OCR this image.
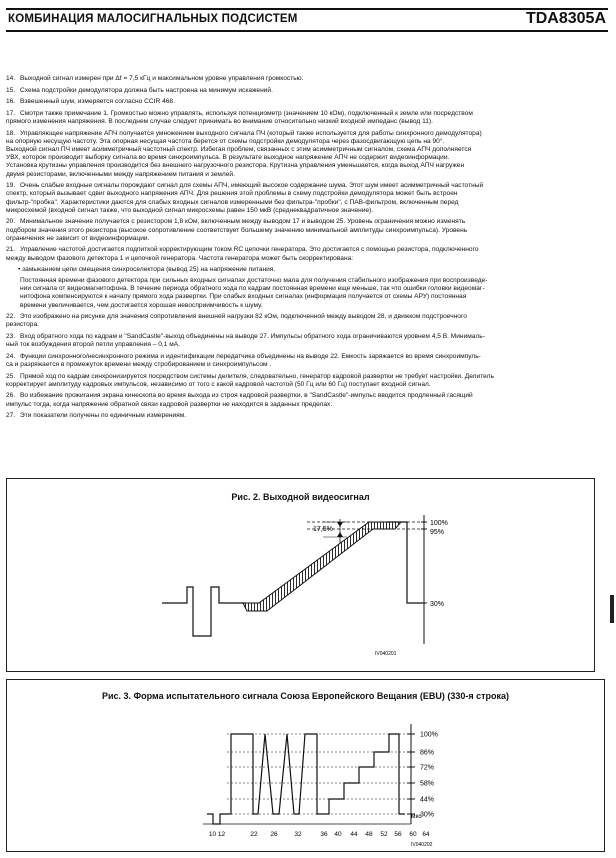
КОМБИНАЦИЯ МАЛОСИГНАЛЬНЫХ ПОДСИСТЕМ	TDA8305A
14. Выходной сигнал измерен при Δf = 7,5 кГц и максимальном уровне управления громкостью.
15. Схема подстройки демодулятора должна быть настроена на минимум искажений.
16. Взвешенный шум, измеряется согласно CCIR 468.
17. Смотри также примечание 1. Громкостью можно управлять, используя потенциометр (значением 10 кОм), подключенный к земле или посредством
прямого изменения напряжения. В последнем случае следует принимать во внимание относительно низкий входной импеданс (вывод 11).
18. Управляющее напряжение АПЧ получается умножением выходного сигнала ПЧ (который также используется для работы синхронного демодулятора)
на опорную несущую частоту. Эта опорная несущая частота берется от схемы подстройки демодулятора через фазосдвигающую цепь на 90°.
Выходной сигнал ПЧ имеет асимметричный частотный спектр. Избегая проблем, связанных с этим асимметричным сигналом, схема АПЧ дополняется
УВХ, которое производит выборку сигнала во время синхроимпульса. В результате выходное напряжение АПЧ не содержит видеоинформации.
Установка крутизны управления производится без внешнего нагрузочного резистора. Крутизна управления уменьшается, когда выход АПЧ нагружен
двумя резисторами, включенными между напряжением питания и землей.
19. Очень слабые входные сигналы порождают сигнал для схемы АПЧ, имеющий высокое содержание шума. Этот шум имеет асимметричный частотный
спектр, который вызывает сдвиг выходного напряжения АПЧ. Для решения этой проблемы в схему подстройки демодулятора может быть встроен
фильтр-"пробка". Характеристики даются для слабых входных сигналов измеренными без фильтра-"пробки", с ПАВ-фильтром, включенным перед
микросхемой (входной сигнал также, что выходной сигнал микросхемы равен 150 мкВ (среднеквадратичное значение).
20. Минимальное значение получается с резистором 1,8 кОм, включенным между выводом 17 и выводом 25. Уровень ограничения можно изменять
подбором значения этого резистора (высокое сопротивление соответствует большему значению минимальной амплитуды синхроимпульса). Уровень
ограничения не зависит от видеоинформации.
21. Управление частотой достигается подпиткой корректирующим током RC цепочки генератора. Это достигается с помощью резистора, подключенного
между выводом фазового детектора 1 и цепочкой генератора. Частота генератора может быть скорректирована:
• замыканием цепи смещения синхроселектора (вывод 25) на напряжение питания.
Постоянная времени фазового детектора при сильных входных сигналах достаточно мала для получения стабильного изображения при воспроизведе-
нии сигнала от видеомагнитофона. В течение периода обратного хода по кадрам постоянная времени еще меньше, так что ошибки головки видеомаг-
нитофона компенсируются к началу прямого хода развертки. При слабых входных сигналах (информация получается от схемы АРУ) постоянная
времени увеличивается, чем достигается хорошая невосприимчивость к шуму.
22. Это изображено на рисунке для значения сопротивления внешней нагрузки 82 кОм, подключенной между выводом 28, и движком подстроечного
резистора.
23. Вход обратного хода по кадрам и "SandCastle"-выход объединены на выводе 27. Импульсы обратного хода ограничиваются уровнем 4,5 В. Минималь-
ный ток возбуждения второй петли управления – 0,1 мА.
24. Функции синхронного/несинхронного режима и идентификации передатчика объединены на выводе 22. Емкость заряжается во время синхроимпуль-
са и разряжается в промежуток времени между стробированием и синхроимпульсом .
25. Прямой ход по кадрам синхронизируется посредством системы делителя, следовательно, генератор кадровой развертки не требует настройки. Делитель
корректирует амплитуду кадровых импульсов, независимо от того с какой кадровой частотой (50 Гц или 60 Гц) поступает входной сигнал.
26. Во избежание прожигания экрана кинескопа во время выхода из строя кадровой развертки, в "SandCastle"-импульс вводится продленный гасящий
импульс тогда, когда напряжение обратной связи кадровой развертки не находится в заданных пределах.
27. Эти показатели получены по единичным измерениям.
Рис. 2. Выходной видеосигнал
17,5%
100%
95%
30%
IV040201
Рис. 3. Форма испытательного сигнала Союза Европейского Вещания (EBU) (330-я строка)
100%
86%
72%
58%
44%
30%
10 12	22 26	32	36 40 44 48 52 56 60 64
мкс
IV040202
